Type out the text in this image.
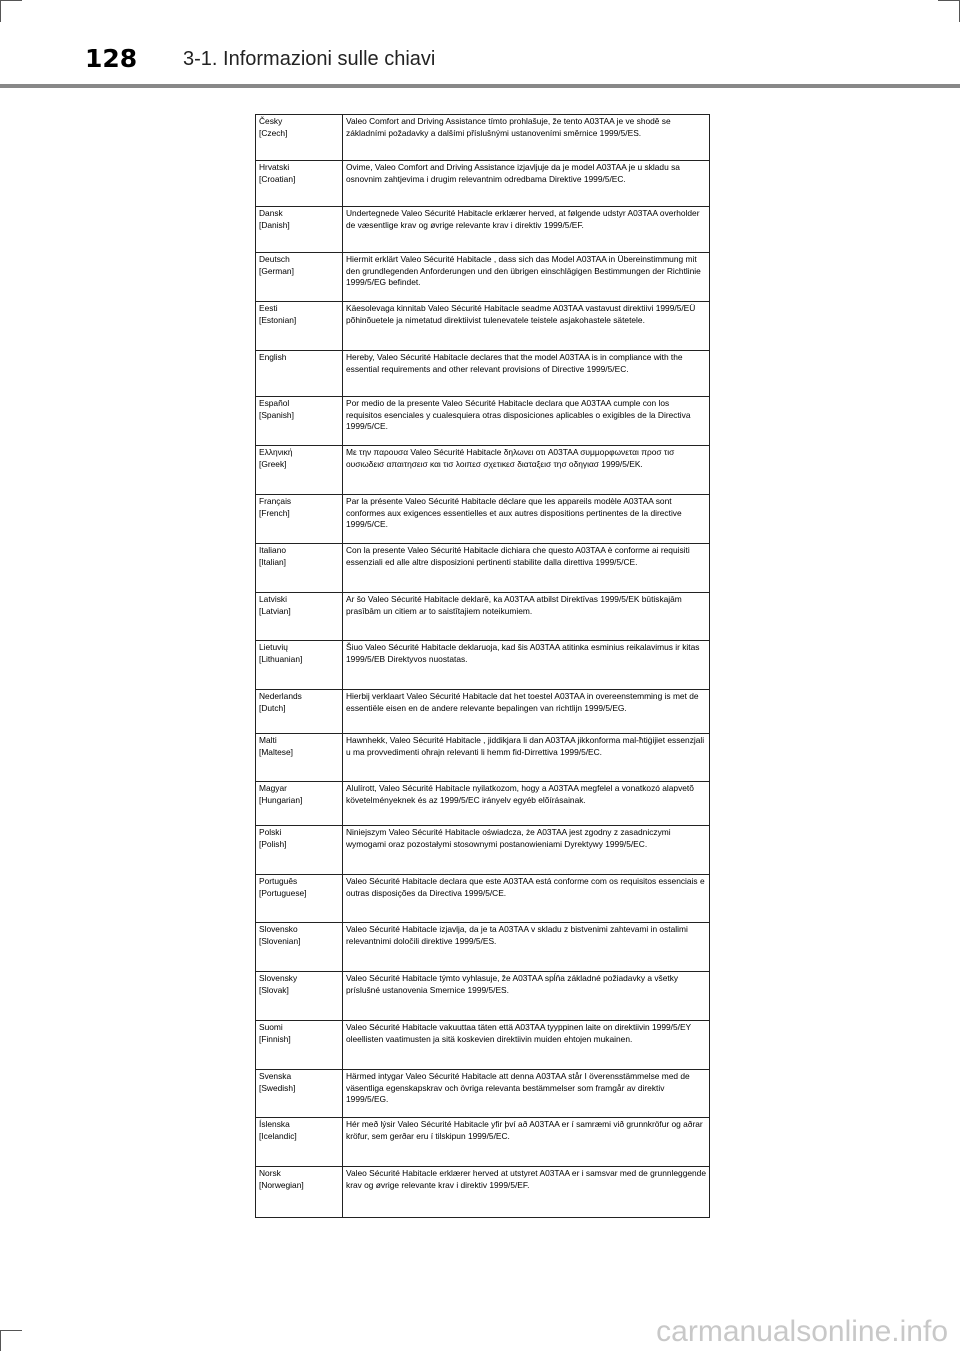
128 3-1. Informazioni sulle chiavi
Česky
[Czech]	Valeo Comfort and Driving Assistance tímto prohlašuje, že tento A03TAA je ve shodě se základními požadavky a dalšími příslušnými ustanoveními směrnice 1999/5/ES.

Hrvatski
[Croatian]	Ovime, Valeo Comfort and Driving Assistance izjavljuje da je model A03TAA je u skladu sa osnovnim zahtjevima i drugim relevantnim odredbama Direktive 1999/5/EC.

Dansk
[Danish]	Undertegnede Valeo Sécurité Habitacle erklærer herved, at følgende udstyr A03TAA overholder de væsentlige krav og øvrige relevante krav i direktiv 1999/5/EF.

Deutsch
[German]	Hiermit erklärt Valeo Sécurité Habitacle , dass sich das Model A03TAA in Übereinstimmung mit den grundlegenden Anforderungen und den übrigen einschlägigen Bestimmungen der Richtlinie 1999/5/EG befindet.

Eesti
[Estonian]	Käesolevaga kinnitab Valeo Sécurité Habitacle seadme A03TAA vastavust direktiivi 1999/5/EÜ põhinõuetele ja nimetatud direktiivist tulenevatele teistele asjakohastele sätetele.

English	Hereby, Valeo Sécurité Habitacle declares that the model A03TAA is in compliance with the essential requirements and other relevant provisions of Directive 1999/5/EC.

Español
[Spanish]	Por medio de la presente Valeo Sécurité Habitacle declara que A03TAA cumple con los requisitos esenciales y cualesquiera otras disposiciones aplicables o exigibles de la Directiva 1999/5/CE.

Ελληνική
[Greek]	Με την παρουσα Valeo Sécurité Habitacle δηλωνει οτι A03TAA συμμορφωνεται προσ τισ ουσιωδεισ απαιτησεισ και τισ λοιπεσ σχετικεσ διαταξεισ τησ οδηγιασ 1999/5/ΕΚ.

Français
[French]	Par la présente Valeo Sécurité Habitacle déclare que les appareils modèle A03TAA sont conformes aux exigences essentielles et aux autres dispositions pertinentes de la directive 1999/5/CE.

Italiano
[Italian]	Con la presente Valeo Sécurité Habitacle dichiara che questo A03TAA è conforme ai requisiti essenziali ed alle altre disposizioni pertinenti stabilite dalla direttiva 1999/5/CE.

Latviski
[Latvian]	Ar šo Valeo Sécurité Habitacle deklarē, ka A03TAA atbilst Direktīvas 1999/5/EK būtiskajām prasībām un citiem ar to saistītajiem noteikumiem.

Lietuvių
[Lithuanian]	Šiuo Valeo Sécurité Habitacle deklaruoja, kad šis A03TAA atitinka esminius reikalavimus ir kitas 1999/5/EB Direktyvos nuostatas.

Nederlands
[Dutch]	Hierbij verklaart Valeo Sécurité Habitacle dat het toestel A03TAA in overeenstemming is met de essentiële eisen en de andere relevante bepalingen van richtlijn 1999/5/EG.

Malti
[Maltese]	Hawnhekk, Valeo Sécurité Habitacle , jiddikjara li dan A03TAA jikkonforma mal-ħtiġijiet essenzjali u ma provvedimenti oħrajn relevanti li hemm fid-Dirrettiva 1999/5/EC.

Magyar
[Hungarian]	Alulírott, Valeo Sécurité Habitacle nyilatkozom, hogy a A03TAA megfelel a vonatkozó alapvetõ követelményeknek és az 1999/5/EC irányelv egyéb elõírásainak.

Polski
[Polish]	Niniejszym Valeo Sécurité Habitacle oświadcza, że A03TAA jest zgodny z zasadniczymi wymogami oraz pozostałymi stosownymi postanowieniami Dyrektywy 1999/5/EC.

Português
[Portuguese]	Valeo Sécurité Habitacle declara que este A03TAA está conforme com os requisitos essenciais e outras disposições da Directiva 1999/5/CE.

Slovensko
[Slovenian]	Valeo Sécurité Habitacle izjavlja, da je ta A03TAA v skladu z bistvenimi zahtevami in ostalimi relevantnimi določili direktive 1999/5/ES.

Slovensky
[Slovak]	Valeo Sécurité Habitacle týmto vyhlasuje, že A03TAA spĺňa základné požiadavky a všetky príslušné ustanovenia Smernice 1999/5/ES.

Suomi
[Finnish]	Valeo Sécurité Habitacle vakuuttaa täten että A03TAA tyyppinen laite on direktiivin 1999/5/EY oleellisten vaatimusten ja sitä koskevien direktiivin muiden ehtojen mukainen.

Svenska
[Swedish]	Härmed intygar Valeo Sécurité Habitacle att denna A03TAA står I överensstämmelse med de väsentliga egenskapskrav och övriga relevanta bestämmelser som framgår av direktiv 1999/5/EG.

Íslenska
[Icelandic]	Hér með lýsir Valeo Sécurité Habitacle yfir því að A03TAA er í samræmi við grunnkröfur og aðrar kröfur, sem gerðar eru í tilskipun 1999/5/EC.

Norsk
[Norwegian]	Valeo Sécurité Habitacle erklærer herved at utstyret A03TAA er i samsvar med de grunnleggende krav og øvrige relevante krav i direktiv 1999/5/EF.
carmanualsonline.info
